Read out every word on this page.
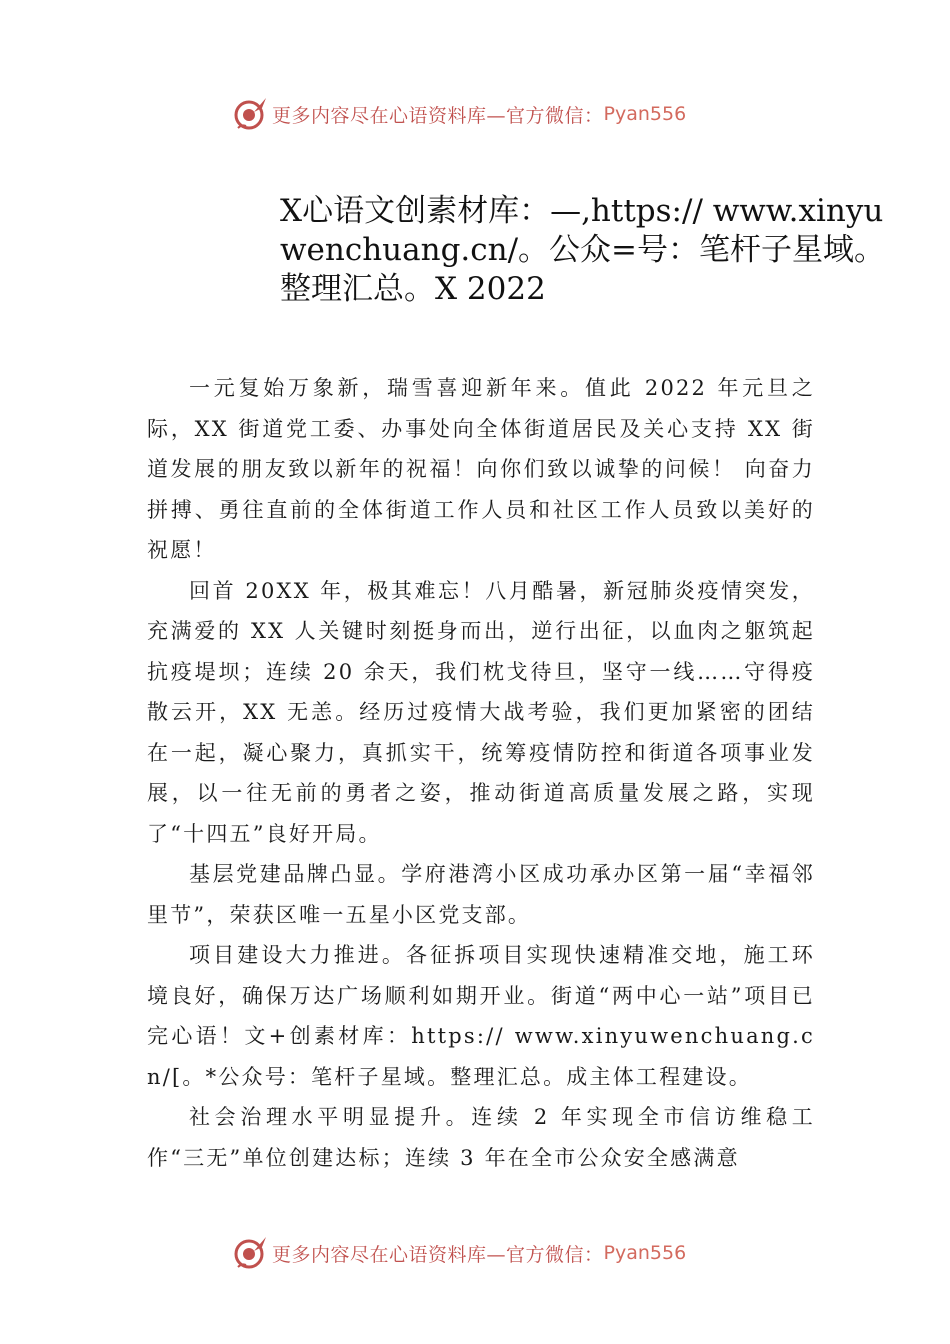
更多内容尽在心语资料库—官方微信： Pyan556
X心语文创素材库：—,https:// www.xinyuwenchuang.cn/。公众=号：笔杆子星域。整理汇总。X 2022

一元复始万象新，瑞雪喜迎新年来。值此 2022 年元旦之际，XX 街道党工委、办事处向全体街道居民及关心支持 XX 街道发展的朋友致以新年的祝福！向你们致以诚挚的问候！ 向奋力拼搏、勇往直前的全体街道工作人员和社区工作人员致以美好的祝愿！

回首 20XX 年，极其难忘！八月酷暑，新冠肺炎疫情突发，充满爱的 XX 人关键时刻挺身而出，逆行出征，以血肉之躯筑起抗疫堤坝；连续 20 余天，我们枕戈待旦，坚守一线……守得疫散云开，XX 无恙。经历过疫情大战考验，我们更加紧密的团结在一起，凝心聚力，真抓实干，统筹疫情防控和街道各项事业发展，以一往无前的勇者之姿，推动街道高质量发展之路，实现了“十四五”良好开局。

基层党建品牌凸显。学府港湾小区成功承办区第一届“幸福邻里节”，荣获区唯一五星小区党支部。

项目建设大力推进。各征拆项目实现快速精准交地，施工环境良好，确保万达广场顺利如期开业。街道“两中心一站”项目已完心语！文+创素材库：https:// www.xinyuwenchuang.cn/[。*公众号：笔杆子星域。整理汇总。成主体工程建设。

社会治理水平明显提升。连续 2 年实现全市信访维稳工作“三无”单位创建达标；连续 3 年在全市公众安全感满意

更多内容尽在心语资料库—官方微信： Pyan556
